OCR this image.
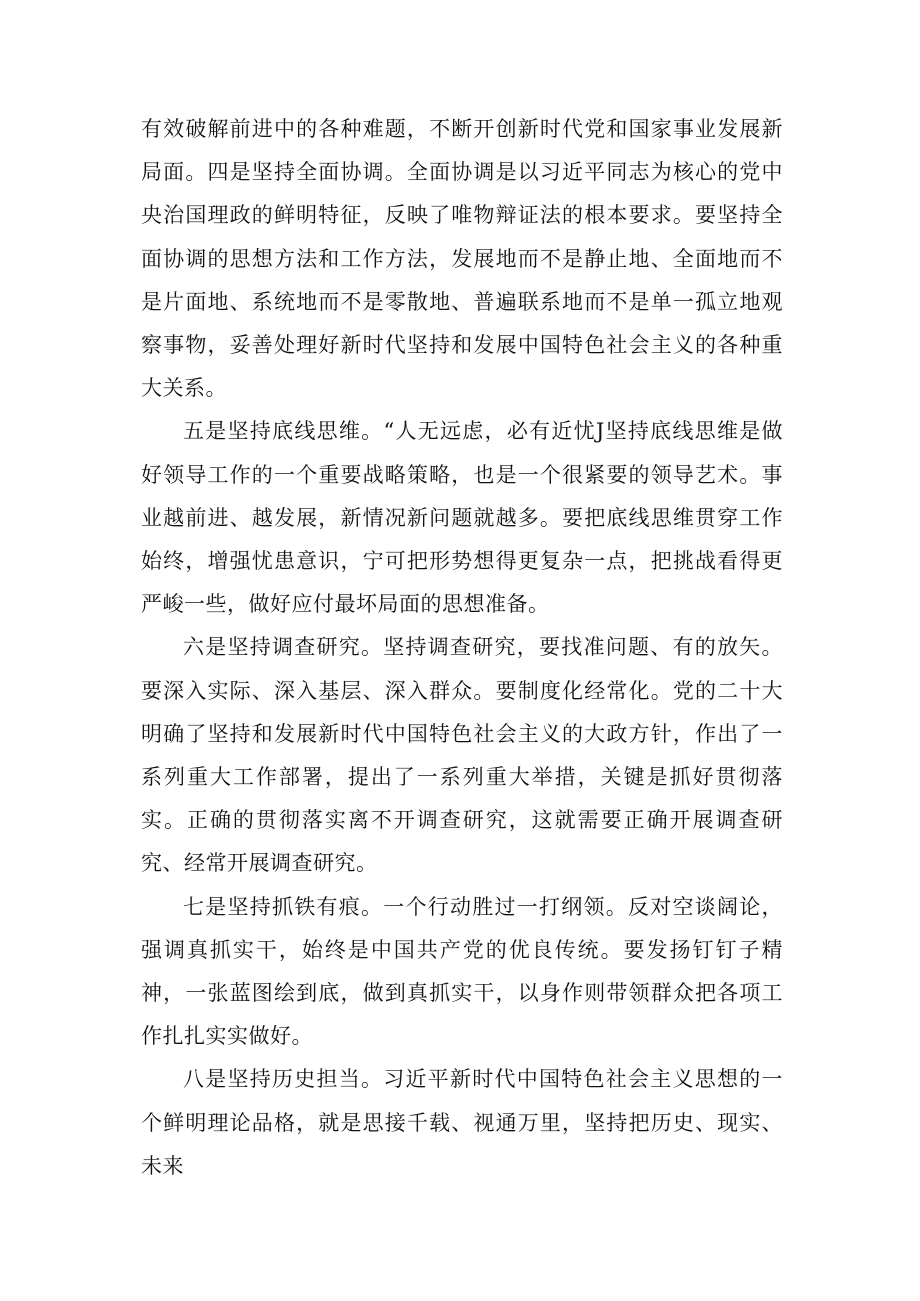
有效破解前进中的各种难题，不断开创新时代党和国家事业发展新局面。四是坚持全面协调。全面协调是以习近平同志为核心的党中央治国理政的鲜明特征，反映了唯物辩证法的根本要求。要坚持全面协调的思想方法和工作方法，发展地而不是静止地、全面地而不是片面地、系统地而不是零散地、普遍联系地而不是单一孤立地观察事物，妥善处理好新时代坚持和发展中国特色社会主义的各种重大关系。

五是坚持底线思维。“人无远虑，必有近忧J坚持底线思维是做好领导工作的一个重要战略策略，也是一个很紧要的领导艺术。事业越前进、越发展，新情况新问题就越多。要把底线思维贯穿工作始终，增强忧患意识，宁可把形势想得更复杂一点，把挑战看得更严峻一些，做好应付最坏局面的思想准备。

六是坚持调查研究。坚持调查研究，要找准问题、有的放矢。要深入实际、深入基层、深入群众。要制度化经常化。党的二十大明确了坚持和发展新时代中国特色社会主义的大政方针，作出了一系列重大工作部署，提出了一系列重大举措，关键是抓好贯彻落实。正确的贯彻落实离不开调查研究，这就需要正确开展调查研究、经常开展调查研究。

七是坚持抓铁有痕。一个行动胜过一打纲领。反对空谈阔论，强调真抓实干，始终是中国共产党的优良传统。要发扬钉钉子精神，一张蓝图绘到底，做到真抓实干，以身作则带领群众把各项工作扎扎实实做好。

八是坚持历史担当。习近平新时代中国特色社会主义思想的一个鲜明理论品格，就是思接千载、视通万里，坚持把历史、现实、未来
